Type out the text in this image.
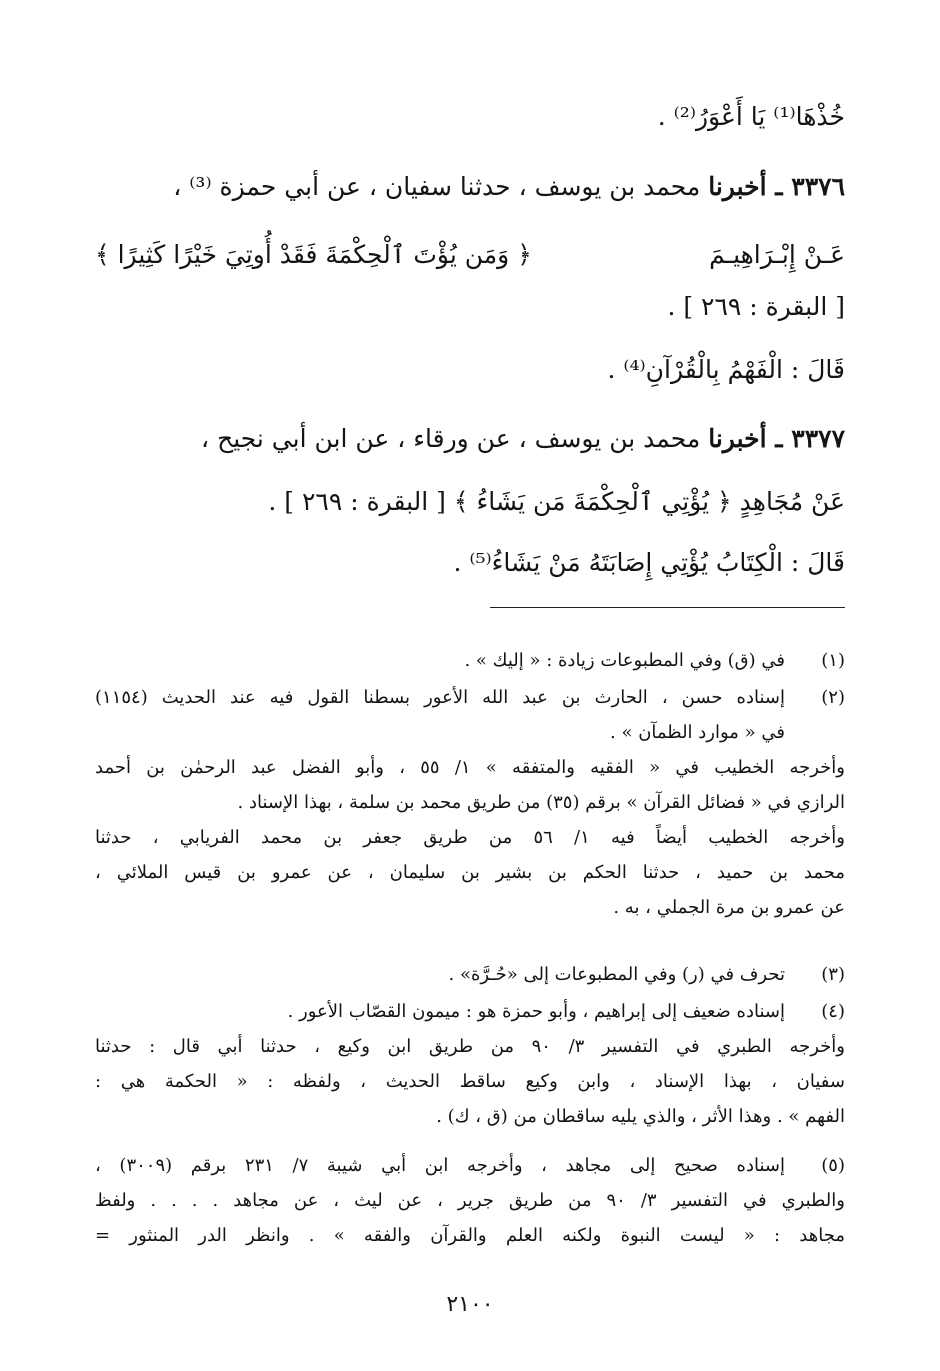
خُذْهَا⁽¹⁾ يَا أَعْوَرُ⁽²⁾ .
٣٣٧٦ ـ أخبرنا محمد بن يوسف ، حدثنا سفيان ، عن أبي حمزة ⁽³⁾ ،
عَـنْ إِبْـرَاهِيـمَ
﴿ وَمَن يُؤْتَ ٱلْحِكْمَةَ فَقَدْ أُوتِيَ خَيْرًا كَثِيرًا ﴾
[ البقرة : ٢٦٩ ] .
قَالَ : الْفَهْمُ بِالْقُرْآنِ⁽⁴⁾ .
٣٣٧٧ ـ أخبرنا محمد بن يوسف ، عن ورقاء ، عن ابن أبي نجيح ،
عَنْ مُجَاهِدٍ ﴿ يُؤْتِي ٱلْحِكْمَةَ مَن يَشَاءُ ﴾ [ البقرة : ٢٦٩ ] .
قَالَ : الْكِتَابُ يُؤْتِي إِصَابَتَهُ مَنْ يَشَاءُ⁽⁵⁾ .
(١)
في (ق) وفي المطبوعات زيادة : « إليك » .
(٢)
إسناده حسن ، الحارث بن عبد الله الأعور بسطنا القول فيه عند الحديث (١١٥٤)
في « موارد الظمآن » .
وأخرجه الخطيب في « الفقيه والمتفقه » ١/ ٥٥ ، وأبو الفضل عبد الرحمٰن بن أحمد
الرازي في « فضائل القرآن » برقم (٣٥) من طريق محمد بن سلمة ، بهذا الإسناد .
وأخرجه الخطيب أيضاً فيه ١/ ٥٦ من طريق جعفر بن محمد الفريابي ، حدثنا
محمد بن حميد ، حدثنا الحكم بن بشير بن سليمان ، عن عمرو بن قيس الملائي ،
عن عمرو بن مرة الجملي ، به .
(٣)
تحرف في (ر) وفي المطبوعات إلى «حُـرَّة» .
(٤)
إسناده ضعيف إلى إبراهيم ، وأبو حمزة هو : ميمون القصّاب الأعور .
وأخرجه الطبري في التفسير ٣/ ٩٠ من طريق ابن وكيع ، حدثنا أبي قال : حدثنا
سفيان ، بهذا الإسناد ، وابن وكيع ساقط الحديث ، ولفظه : « الحكمة هي :
الفهم » . وهذا الأثر ، والذي يليه ساقطان من (ق ، ك) .
(٥)
إسناده صحيح إلى مجاهد ، وأخرجه ابن أبي شيبة ٧/ ٢٣١ برقم (٣٠٠٩) ،
والطبري في التفسير ٣/ ٩٠ من طريق جرير ، عن ليث ، عن مجاهد . . . . ولفظ
مجاهد : « ليست النبوة ولكنه العلم والقرآن والفقه » . وانظر الدر المنثور =
٢١٠٠
